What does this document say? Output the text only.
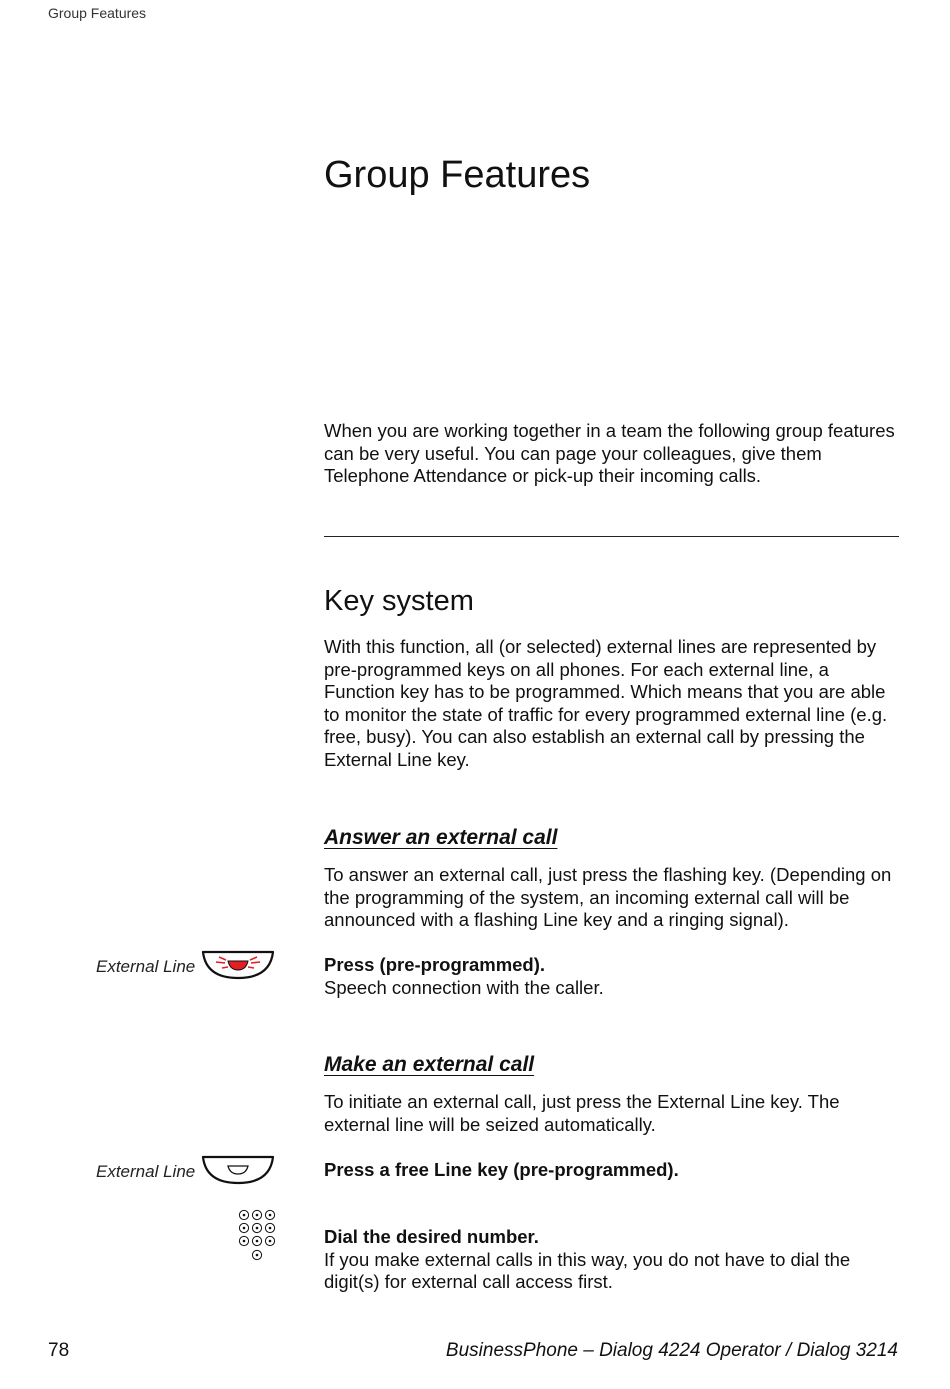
Group Features
Group Features
When you are working together in a team the following group features can be very useful. You can page your colleagues, give them Telephone Attendance or pick-up their incoming calls.
Key system
With this function, all (or selected) external lines are represented by pre-programmed keys on all phones. For each external line, a Function key has to be programmed. Which means that you are able to monitor the state of traffic for every programmed external line (e.g. free, busy). You can also establish an external call by pressing the External Line key.
Answer an external call
To answer an external call, just press the flashing key. (Depending on the programming of the system, an incoming external call will be announced with a flashing Line key and a ringing signal).
External Line	Press (pre-programmed).
Speech connection with the caller.
Make an external call
To initiate an external call, just press the External Line key. The external line will be seized automatically.
External Line	Press a free Line key (pre-programmed).
Dial the desired number.
If you make external calls in this way, you do not have to dial the digit(s) for external call access first.
78	BusinessPhone – Dialog 4224 Operator / Dialog 3214
